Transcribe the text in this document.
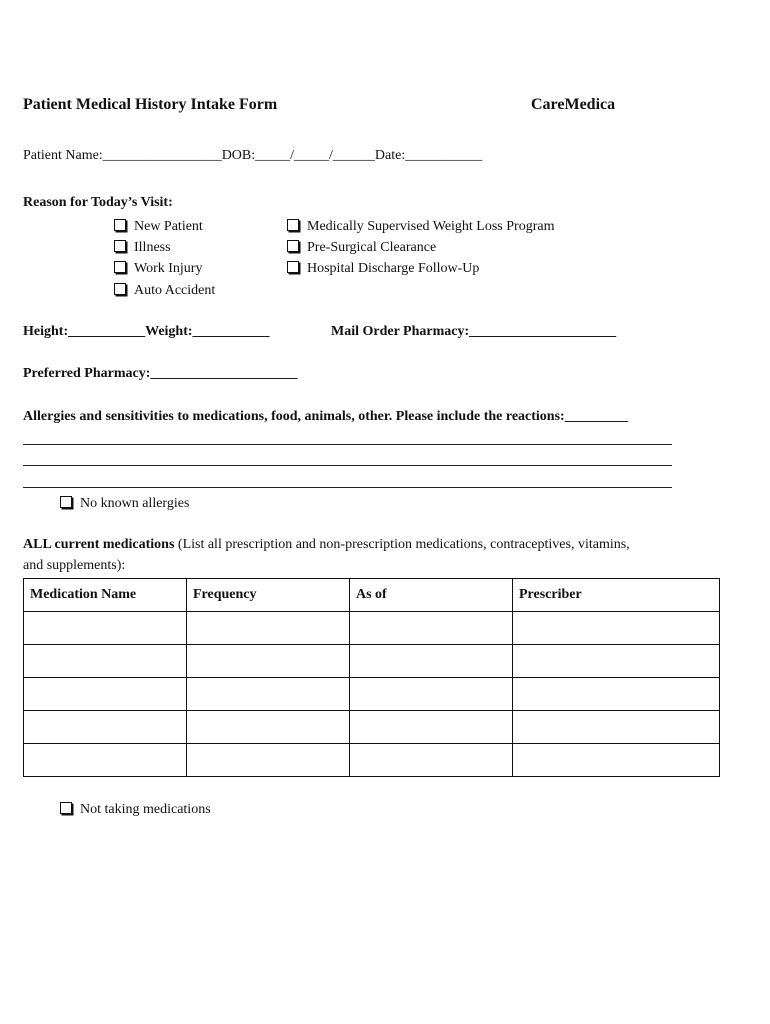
Patient Medical History Intake Form	CareMedica
Patient Name:_________________DOB:_____/_____/______Date:___________
Reason for Today’s Visit:
New Patient
Illness
Work Injury
Auto Accident
Medically Supervised Weight Loss Program
Pre-Surgical Clearance
Hospital Discharge Follow-Up
Height:___________Weight:___________	Mail Order Pharmacy:_____________________
Preferred Pharmacy:_____________________
Allergies and sensitivities to medications, food, animals, other. Please include the reactions:_________
No known allergies
ALL current medications (List all prescription and non-prescription medications, contraceptives, vitamins,
and supplements):
Medication Name	Frequency	As of	Prescriber

Not taking medications
